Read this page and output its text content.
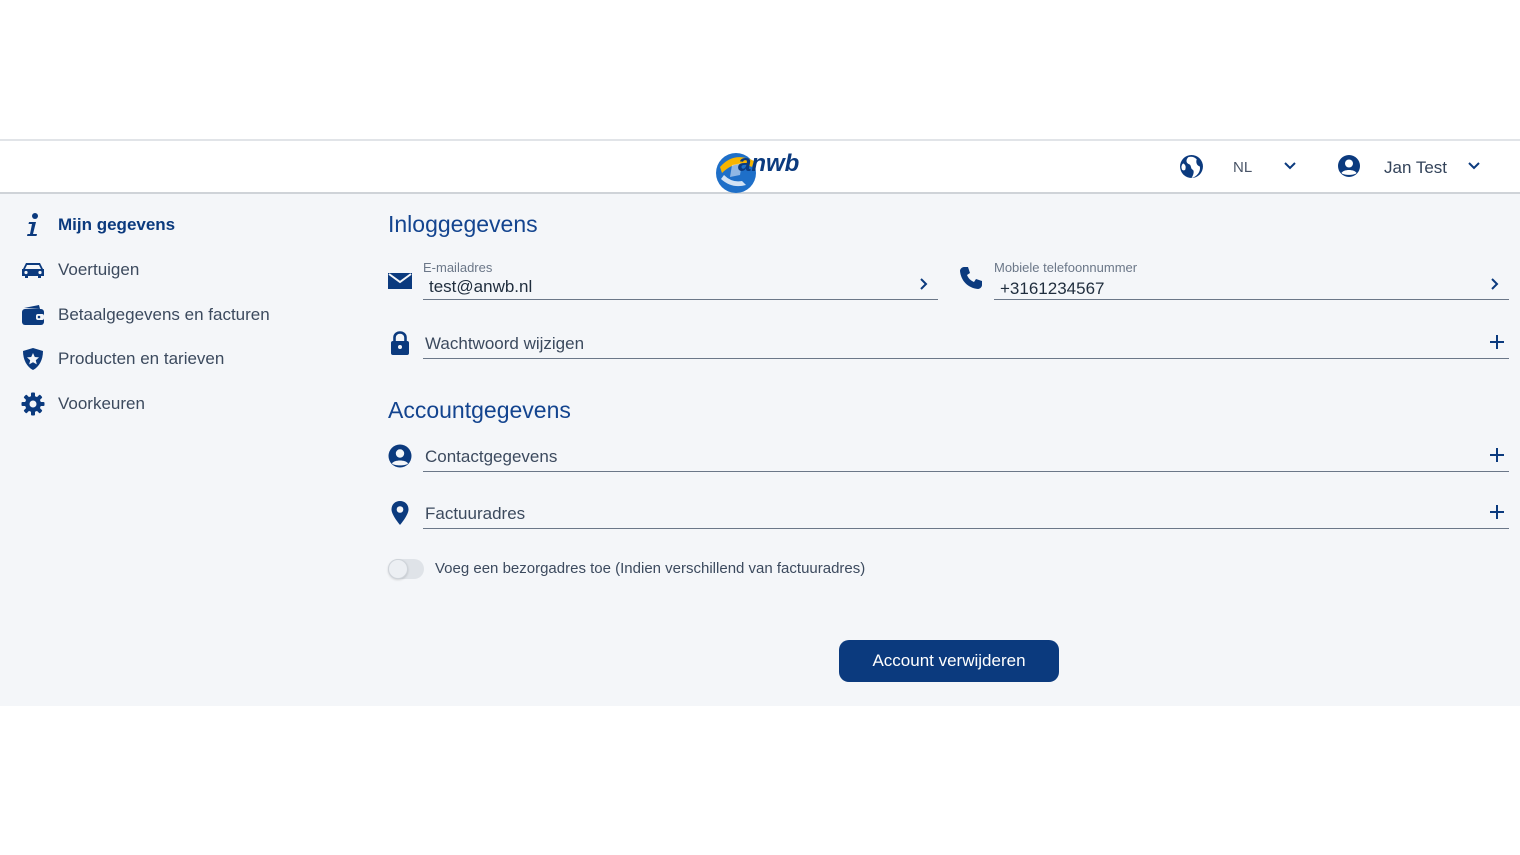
anwb	NL	Jan Test
Mijn gegevens
Voertuigen
Betaalgegevens en facturen
Producten en tarieven
Voorkeuren
Inloggegevens
E-mailadres
test@anwb.nl
Mobiele telefoonnummer
+3161234567
Wachtwoord wijzigen
Accountgegevens
Contactgegevens
Factuuradres
Voeg een bezorgadres toe (Indien verschillend van factuuradres)
Account verwijderen
